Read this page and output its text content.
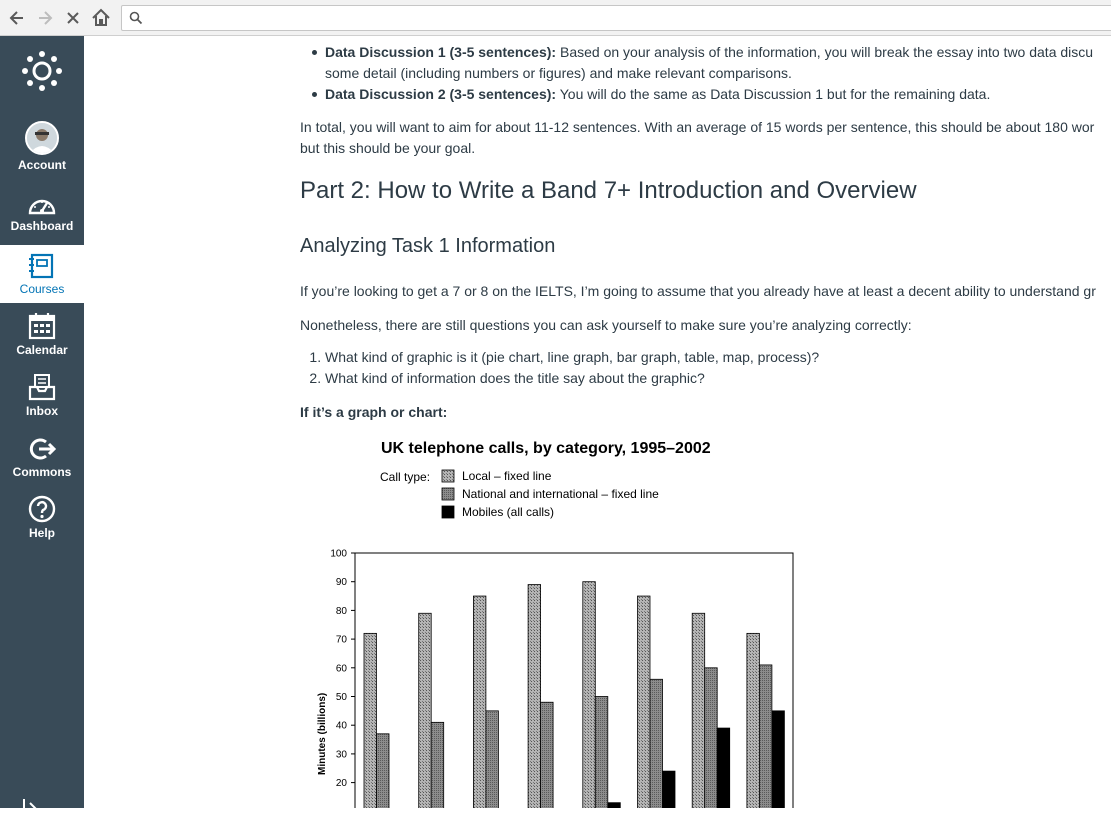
Account
Dashboard
Courses
Calendar
Inbox
Commons
Help
Data Discussion 1 (3-5 sentences): Based on your analysis of the information, you will break the essay into two data discu
some detail (including numbers or figures) and make relevant comparisons.
Data Discussion 2 (3-5 sentences): You will do the same as Data Discussion 1 but for the remaining data.
In total, you will want to aim for about 11-12 sentences. With an average of 15 words per sentence, this should be about 180 wor
but this should be your goal.
Part 2: How to Write a Band 7+ Introduction and Overview
Analyzing Task 1 Information
If you’re looking to get a 7 or 8 on the IELTS, I’m going to assume that you already have at least a decent ability to understand gr
Nonetheless, there are still questions you can ask yourself to make sure you’re analyzing correctly:
1. What kind of graphic is it (pie chart, line graph, bar graph, table, map, process)?
2. What kind of information does the title say about the graphic?
If it’s a graph or chart:
UK telephone calls, by category, 1995–2002
Call type:	Local – fixed line
National and international – fixed line
Mobiles (all calls)
Minutes (billions)
20
30
40
50
60
70
80
90
100
